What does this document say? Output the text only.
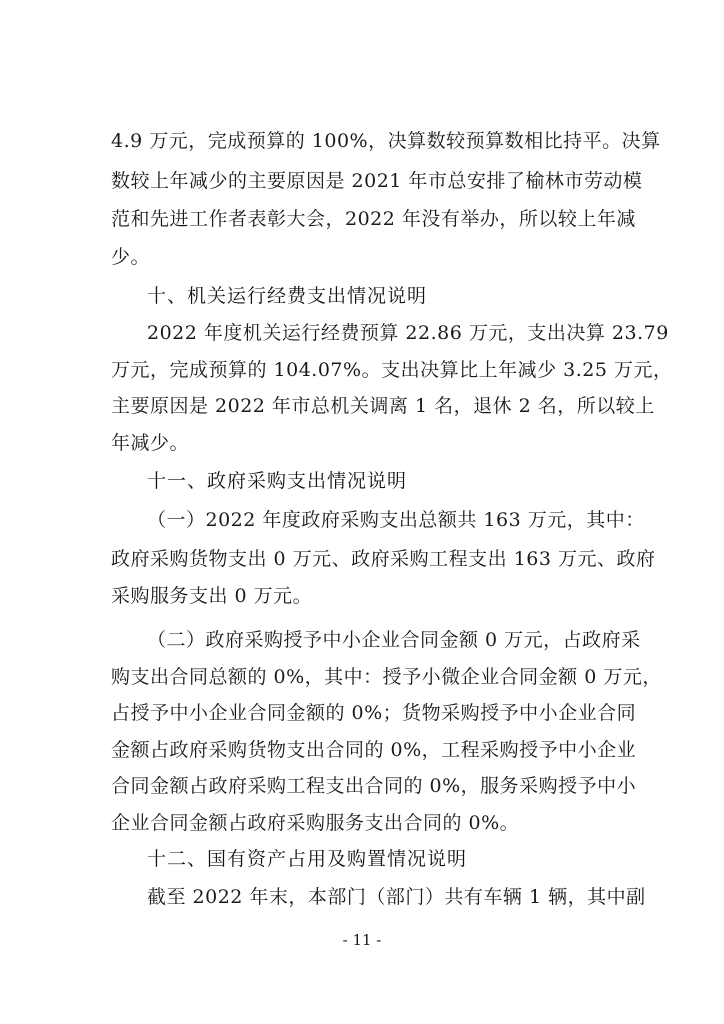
4.9 万元，完成预算的 100%，决算数较预算数相比持平。决算
数较上年减少的主要原因是 2021 年市总安排了榆林市劳动模
范和先进工作者表彰大会，2022 年没有举办，所以较上年减
少。
十、机关运行经费支出情况说明
2022 年度机关运行经费预算 22.86 万元，支出决算 23.79
万元，完成预算的 104.07%。支出决算比上年减少 3.25 万元，
主要原因是 2022 年市总机关调离 1 名，退休 2 名，所以较上
年减少。
十一、政府采购支出情况说明
（一）2022 年度政府采购支出总额共 163 万元，其中：
政府采购货物支出 0 万元、政府采购工程支出 163 万元、政府
采购服务支出 0 万元。
（二）政府采购授予中小企业合同金额 0 万元，占政府采
购支出合同总额的 0%，其中：授予小微企业合同金额 0 万元，
占授予中小企业合同金额的 0%；货物采购授予中小企业合同
金额占政府采购货物支出合同的 0%，工程采购授予中小企业
合同金额占政府采购工程支出合同的 0%，服务采购授予中小
企业合同金额占政府采购服务支出合同的 0%。
十二、国有资产占用及购置情况说明
- 11 -
截至 2022 年末，本部门（部门）共有车辆 1 辆，其中副
